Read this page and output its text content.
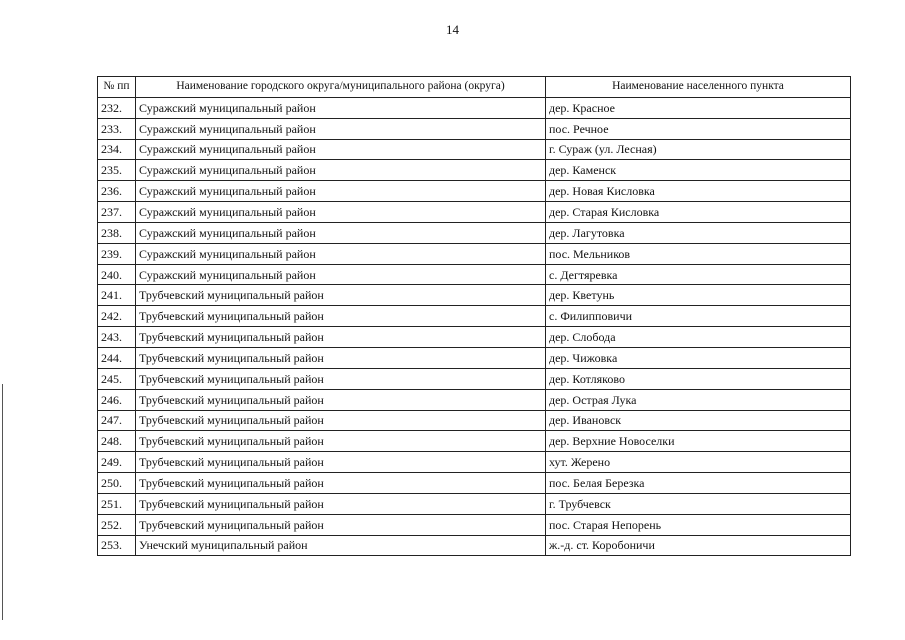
14
№ пп	Наименование городского округа/муниципального района (округа)	Наименование населенного пункта
232.	Суражский муниципальный район	дер. Красное
233.	Суражский муниципальный район	пос. Речное
234.	Суражский муниципальный район	г. Сураж (ул. Лесная)
235.	Суражский муниципальный район	дер. Каменск
236.	Суражский муниципальный район	дер. Новая Кисловка
237.	Суражский муниципальный район	дер. Старая Кисловка
238.	Суражский муниципальный район	дер. Лагутовка
239.	Суражский муниципальный район	пос. Мельников
240.	Суражский муниципальный район	с. Дегтяревка
241.	Трубчевский муниципальный район	дер. Кветунь
242.	Трубчевский муниципальный район	с. Филипповичи
243.	Трубчевский муниципальный район	дер. Слобода
244.	Трубчевский муниципальный район	дер. Чижовка
245.	Трубчевский муниципальный район	дер. Котляково
246.	Трубчевский муниципальный район	дер. Острая Лука
247.	Трубчевский муниципальный район	дер. Ивановск
248.	Трубчевский муниципальный район	дер. Верхние Новоселки
249.	Трубчевский муниципальный район	хут. Жерено
250.	Трубчевский муниципальный район	пос. Белая Березка
251.	Трубчевский муниципальный район	г. Трубчевск
252.	Трубчевский муниципальный район	пос. Старая Непорень
253.	Унечский муниципальный район	ж.-д. ст. Коробоничи
